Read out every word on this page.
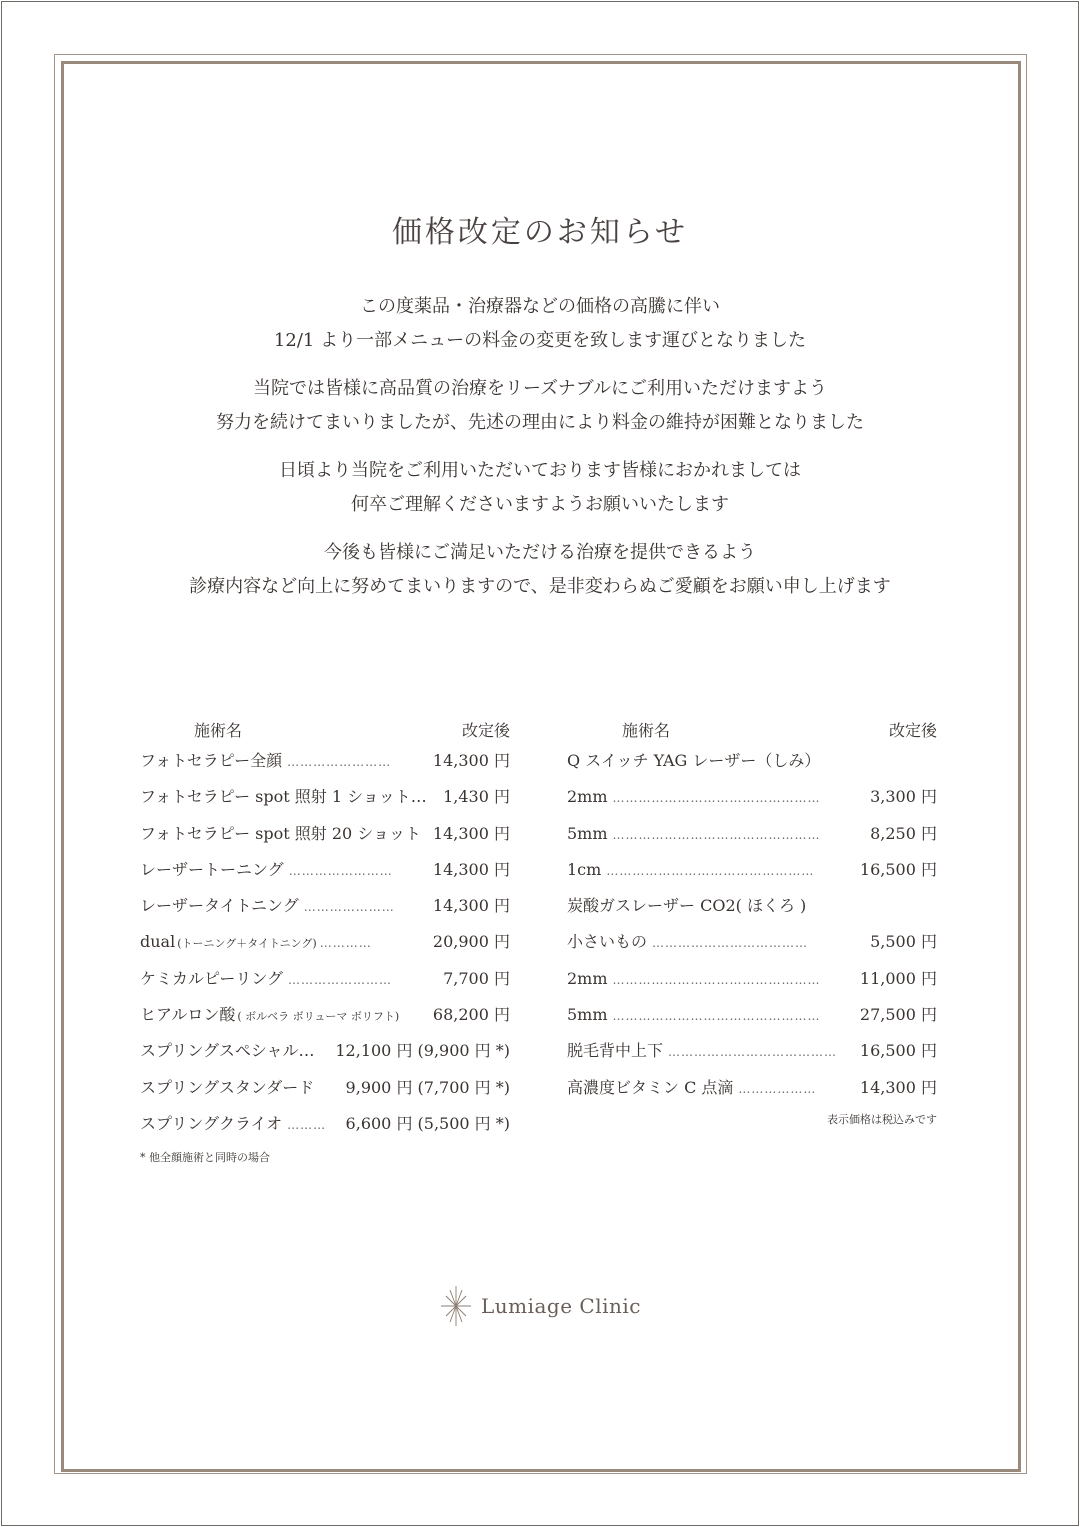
価格改定のお知らせ
この度薬品・治療器などの価格の高騰に伴い
12/1 より一部メニューの料金の変更を致します運びとなりました
当院では皆様に高品質の治療をリーズナブルにご利用いただけますよう
努力を続けてまいりましたが、先述の理由により料金の維持が困難となりました
日頃より当院をご利用いただいております皆様におかれましては
何卒ご理解くださいますようお願いいたします
今後も皆様にご満足いただける治療を提供できるよう
診療内容など向上に努めてまいりますので、是非変わらぬご愛顧をお願い申し上げます
施術名	改定後
フォトセラピー全顔 ……………………	14,300 円
フォトセラピー spot 照射 1 ショット… 1,430 円
フォトセラピー spot 照射 20 ショット 14,300 円
レーザートーニング ……………………	14,300 円
レーザータイトニング …………………	14,300 円
dual (トーニング＋タイトニング) …………	20,900 円
ケミカルピーリング ……………………	7,700 円
ヒアルロン酸 ( ボルベラ ボリューマ ボリフト) 68,200 円
スプリングスペシャル… 12,100 円 (9,900 円 *)
スプリングスタンダード 9,900 円 (7,700 円 *)
スプリングクライオ ………	6,600 円 (5,500 円 *)
* 他全顔施術と同時の場合
施術名	改定後
Q スイッチ YAG レーザー（しみ）
2mm …………………………………………	3,300 円
5mm …………………………………………	8,250 円
1cm …………………………………………	16,500 円
炭酸ガスレーザー CO2( ほくろ )
小さいもの ………………………………	5,500 円
2mm …………………………………………	11,000 円
5mm …………………………………………	27,500 円
脱毛背中上下 …………………………………	16,500 円
高濃度ビタミン C 点滴 ………………	14,300 円
表示価格は税込みです
Lumiage Clinic
